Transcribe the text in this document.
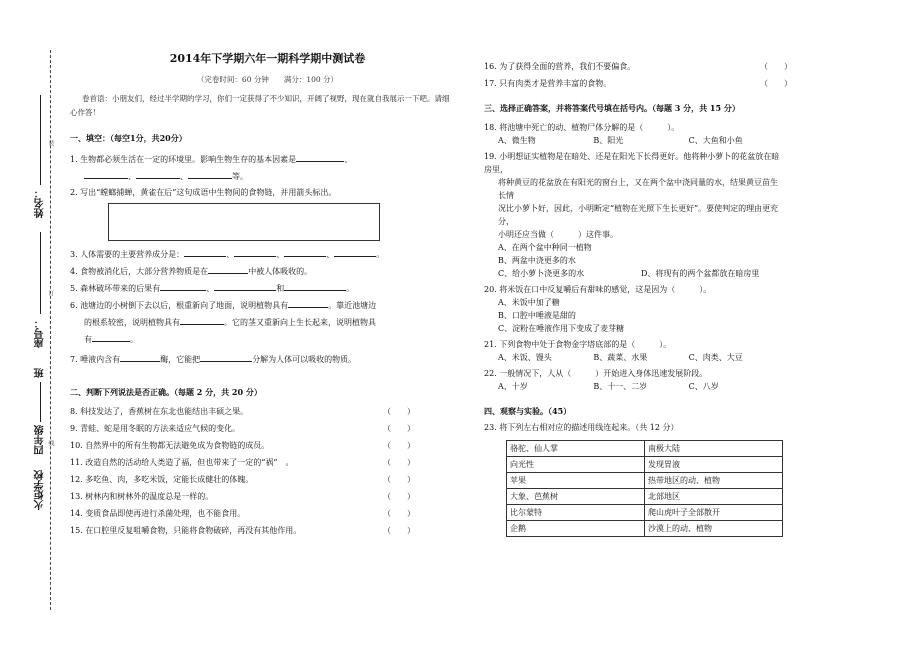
装
订
线
姓名：
座号：
班
四年级
火炬学校

2014年下学期六年一期科学期中测试卷

（完卷时间：60 分钟　　满分：100 分）
卷首语：小朋友们，经过半学期的学习，你们一定获得了不少知识，开阔了视野，现在就自我展示一下吧。请细心作答！
一、填空：（每空1分，共20分）
1. 生物都必须生活在一定的环境里。影响生物生存的基本因素是	、
、	、	等。
2. 写出“螳螂捕蝉，黄雀在后”这句成语中生物间的食物链，并用箭头标出。
3. 人体需要的主要营养成分是：	、	、	、	。
4. 食物被消化后，大部分营养物质是在	中被人体吸收的。
5. 森林破坏带来的后果有	、	和	。
6. 池塘边的小树倒下去以后，根重新向了地面，说明植物具有	。靠近池塘边
的根系较密，说明植物具有	。它的茎又重新向上生长起来，说明植物具
有	。
7. 唾液内含有	酶，它能把	分解为人体可以吸收的物质。
二、判断下列说法是否正确。（每题 2 分，共 20 分）
（　　）
8. 科技发达了，香蕉树在东北也能结出丰硕之果。
（　　）
9. 青蛙、蛇是用冬眠的方法来适应气候的变化。
（　　）
10. 自然界中的所有生物都无法避免成为食物链的成员。
（　　）
11. 改造自然的活动给人类造了福，但也带来了一定的“祸”　。
（　　）
12. 多吃鱼、肉，多吃米饭，定能长成健壮的体魄。
（　　）
13. 树林内和树林外的温度总是一样的。
（　　）
14. 变质食品即使再进行杀菌处理，也不能食用。
（　　）
15. 在口腔里反复咀嚼食物，只能将食物破碎，再没有其他作用。
（　　）
16. 为了获得全面的营养，我们不要偏食。
（　　）
17. 只有肉类才是营养丰富的食物。
三、选择正确答案，并将答案代号填在括号内。（每题 3 分，共 15 分）
18. 将池塘中死亡的动、植物尸体分解的是（　　　）。
A、微生物	B、阳光	C、大鱼和小鱼
19. 小明想证实植物是在暗处、还是在阳光下长得更好。他将种小萝卜的花盆放在暗房里，
将种黄豆的花盆放在有阳光的窗台上，又在两个盆中浇同量的水，结果黄豆苗生长情
况比小萝卜好，因此，小明断定“植物在光照下生长更好”。要使判定的理由更充分，
小明还应当做（　　　）这件事。
A、在两个盆中种同一植物
B、两盆中浇更多的水
C、给小萝卜浇更多的水	D、将现有的两个盆都放在暗房里
20. 将米饭在口中反复嚼后有甜味的感觉，这是因为（　　　）。
A、米饭中加了糖
B、口腔中唾液是甜的
C、淀粉在唾液作用下变成了麦芽糖
21. 下列食物中处于食物金字塔底部的是（　　　）。
A、米饭、馒头	B、蔬菜、水果	C、肉类、大豆
22. 一般情况下，人从（　　　）开始进入身体迅速发展阶段。
A、十岁	B、十一、二岁	C、八岁
四、观察与实验。（45）
23. 将下列左右相对应的描述用线连起来。（共 12 分）
骆驼、仙人掌	南极大陆
向光性	发现胃液
苹果	热带地区的动、植物
大象、芭蕉树	北部地区
比尔蒙特	爬山虎叶子全部散开
企鹅	沙漠上的动、植物
